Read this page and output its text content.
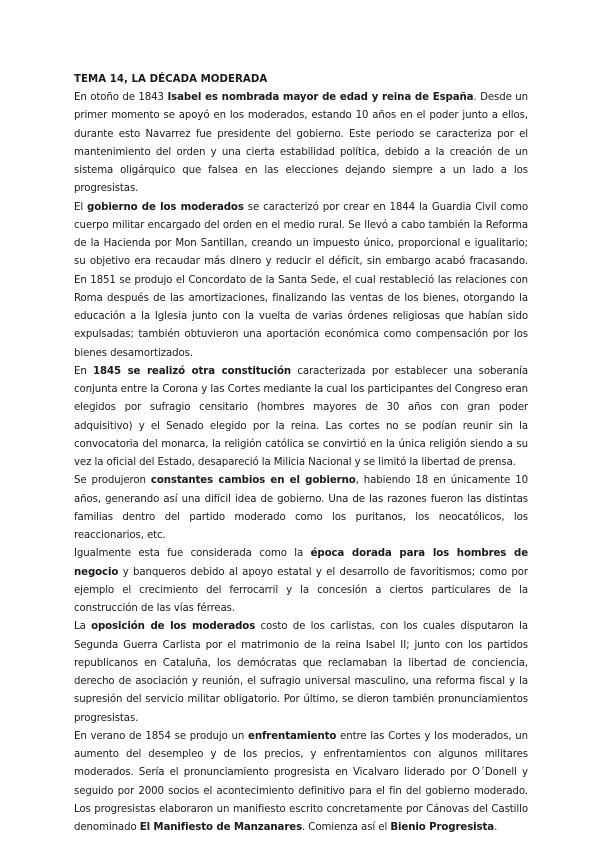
TEMA 14, LA DÉCADA MODERADA

En otoño de 1843 Isabel es nombrada mayor de edad y reina de España. Desde un primer momento se apoyó en los moderados, estando 10 años en el poder junto a ellos, durante esto Navarrez fue presidente del gobierno. Este periodo se caracteriza por el mantenimiento del orden y una cierta estabilidad política, debido a la creación de un sistema oligárquico que falsea en las elecciones dejando siempre a un lado a los progresistas.

El gobierno de los moderados se caracterizó por crear en 1844 la Guardia Civil como cuerpo militar encargado del orden en el medio rural. Se llevó a cabo también la Reforma de la Hacienda por Mon Santillan, creando un impuesto único, proporcional e igualitario; su objetivo era recaudar más dinero y reducir el déficit, sin embargo acabó fracasando. En 1851 se produjo el Concordato de la Santa Sede, el cual restableció las relaciones con Roma después de las amortizaciones, finalizando las ventas de los bienes, otorgando la educación a la Iglesia junto con la vuelta de varias órdenes religiosas que habían sido expulsadas; también obtuvieron una aportación económica como compensación por los bienes desamortizados.

En 1845 se realizó otra constitución caracterizada por establecer una soberanía conjunta entre la Corona y las Cortes mediante la cual los participantes del Congreso eran elegidos por sufragio censitario (hombres mayores de 30 años con gran poder adquisitivo) y el Senado elegido por la reina. Las cortes no se podían reunir sin la convocatoria del monarca, la religión católica se convirtió en la única religión siendo a su vez la oficial del Estado, desapareció la Milicia Nacional y se limitó la libertad de prensa.

Se produjeron constantes cambios en el gobierno, habiendo 18 en únicamente 10 años, generando así una difícil idea de gobierno. Una de las razones fueron las distintas familias dentro del partido moderado como los puritanos, los neocatólicos, los reaccionarios, etc.

Igualmente esta fue considerada como la época dorada para los hombres de negocio y banqueros debido al apoyo estatal y el desarrollo de favoritismos; como por ejemplo el crecimiento del ferrocarril y la concesión a ciertos particulares de la construcción de las vías férreas.

La oposición de los moderados costo de los carlistas, con los cuales disputaron la Segunda Guerra Carlista por el matrimonio de la reina Isabel II; junto con los partidos republicanos en Cataluña, los demócratas que reclamaban la libertad de conciencia, derecho de asociación y reunión, el sufragio universal masculino, una reforma fiscal y la supresión del servicio militar obligatorio. Por último, se dieron también pronunciamientos progresistas.

En verano de 1854 se produjo un enfrentamiento entre las Cortes y los moderados, un aumento del desempleo y de los precios, y enfrentamientos con algunos militares moderados. Sería el pronunciamiento progresista en Vicalvaro liderado por O´Donell y seguido por 2000 socios el acontecimiento definitivo para el fin del gobierno moderado. Los progresistas elaboraron un manifiesto escrito concretamente por Cánovas del Castillo denominado El Manifiesto de Manzanares. Comienza así el Bienio Progresista.
